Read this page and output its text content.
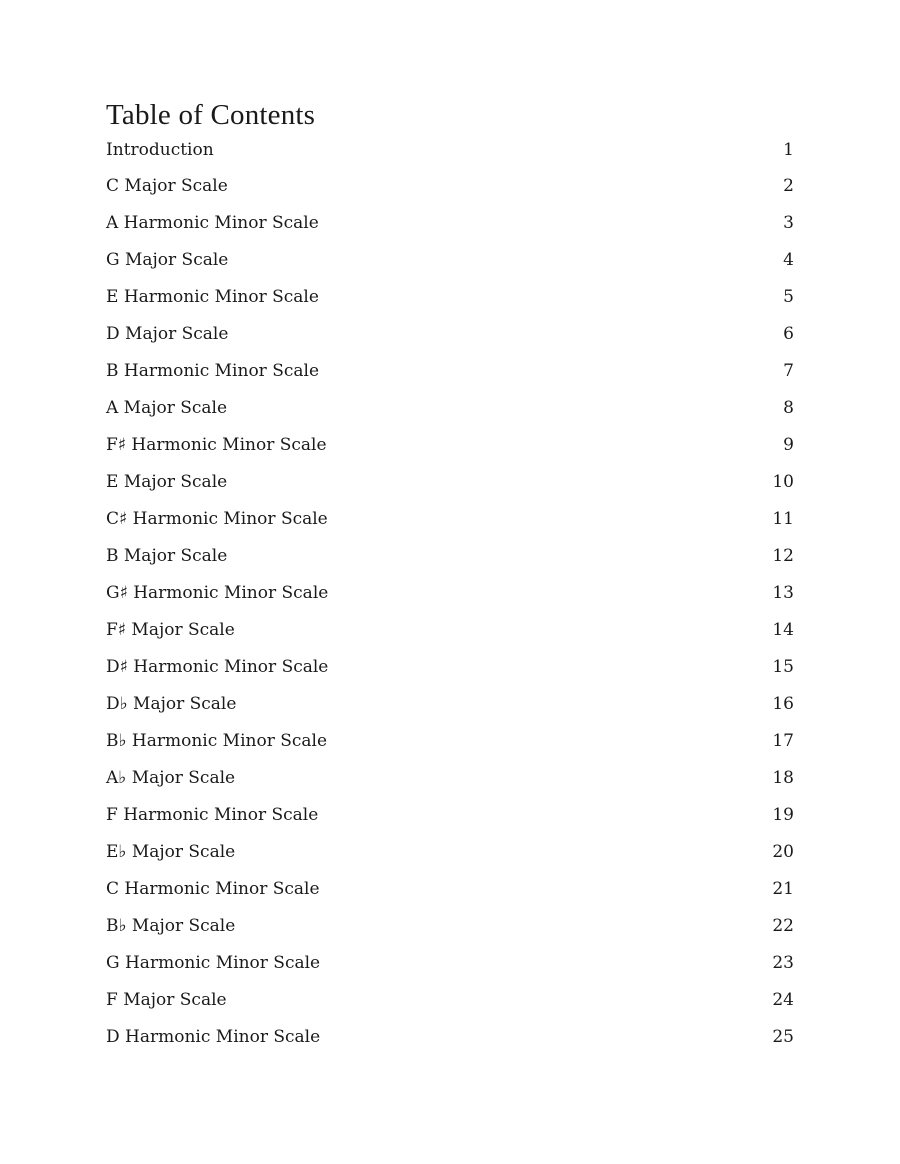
Table of Contents
Introduction	1
C Major Scale	2
A Harmonic Minor Scale	3
G Major Scale	4
E Harmonic Minor Scale	5
D Major Scale	6
B Harmonic Minor Scale	7
A Major Scale	8
F♯ Harmonic Minor Scale	9
E Major Scale	10
C♯ Harmonic Minor Scale	11
B Major Scale	12
G♯ Harmonic Minor Scale	13
F♯ Major Scale	14
D♯ Harmonic Minor Scale	15
D♭ Major Scale	16
B♭ Harmonic Minor Scale	17
A♭ Major Scale	18
F Harmonic Minor Scale	19
E♭ Major Scale	20
C Harmonic Minor Scale	21
B♭ Major Scale	22
G Harmonic Minor Scale	23
F Major Scale	24
D Harmonic Minor Scale	25
